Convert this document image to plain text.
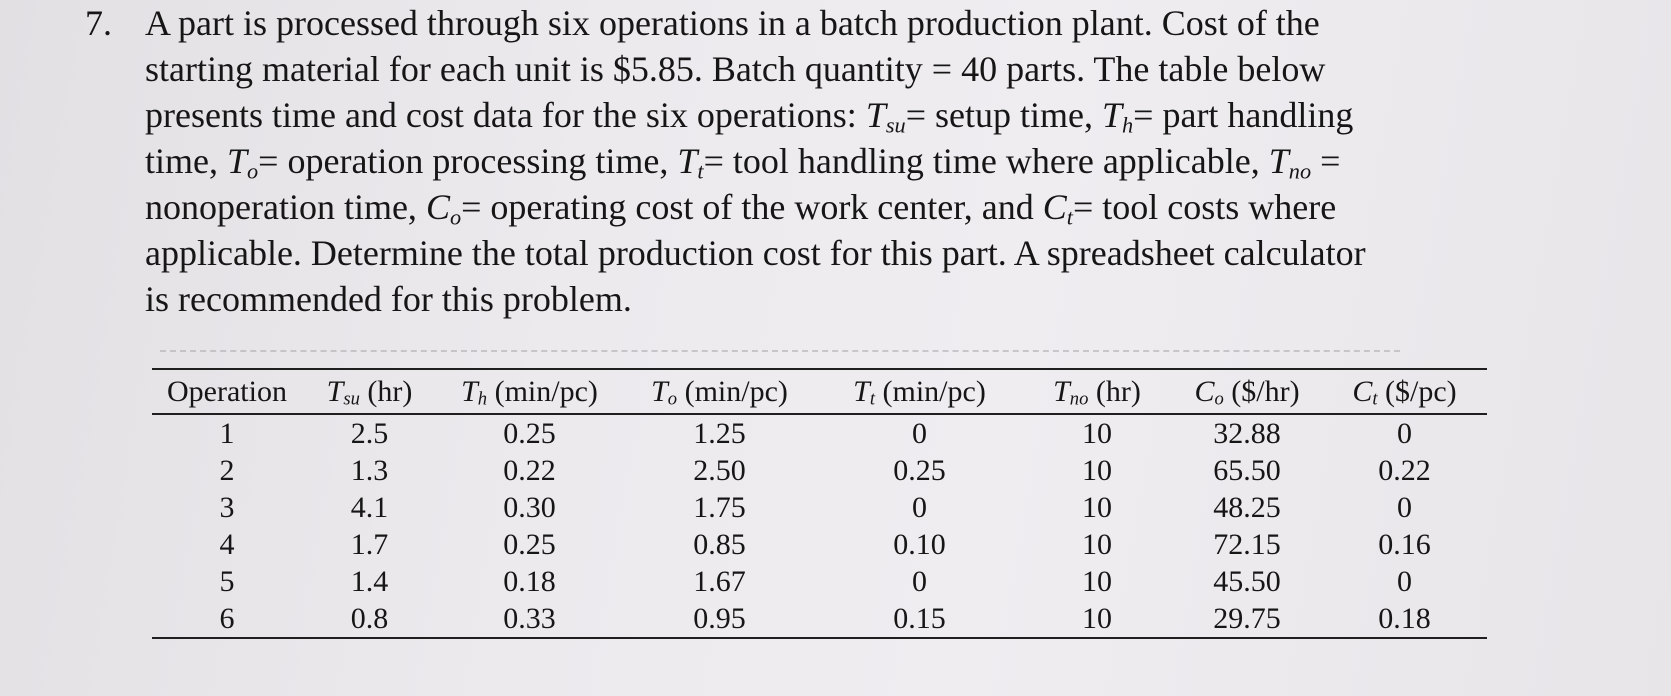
7. A part is processed through six operations in a batch production plant. Cost of the
starting material for each unit is $5.85. Batch quantity = 40 parts. The table below
presents time and cost data for the six operations: $T_{su}=$ setup time, $T_h=$ part handling
time, $T_o=$ operation processing time, $T_t=$ tool handling time where applicable, $T_{no}$ =
nonoperation time, $C_o=$ operating cost of the work center, and $C_t=$ tool costs where
applicable. Determine the total production cost for this part. A spreadsheet calculator
is recommended for this problem.
Operation	$T_{su}$ (hr)	$T_h$ (min/pc)	$T_o$ (min/pc)	$T_t$ (min/pc)	$T_{no}$ (hr)	$C_o$ ($/hr)	$C_t$ ($/pc)
1	2.5	0.25	1.25	0	10	32.88	0
2	1.3	0.22	2.50	0.25	10	65.50	0.22
3	4.1	0.30	1.75	0	10	48.25	0
4	1.7	0.25	0.85	0.10	10	72.15	0.16
5	1.4	0.18	1.67	0	10	45.50	0
6	0.8	0.33	0.95	0.15	10	29.75	0.18
